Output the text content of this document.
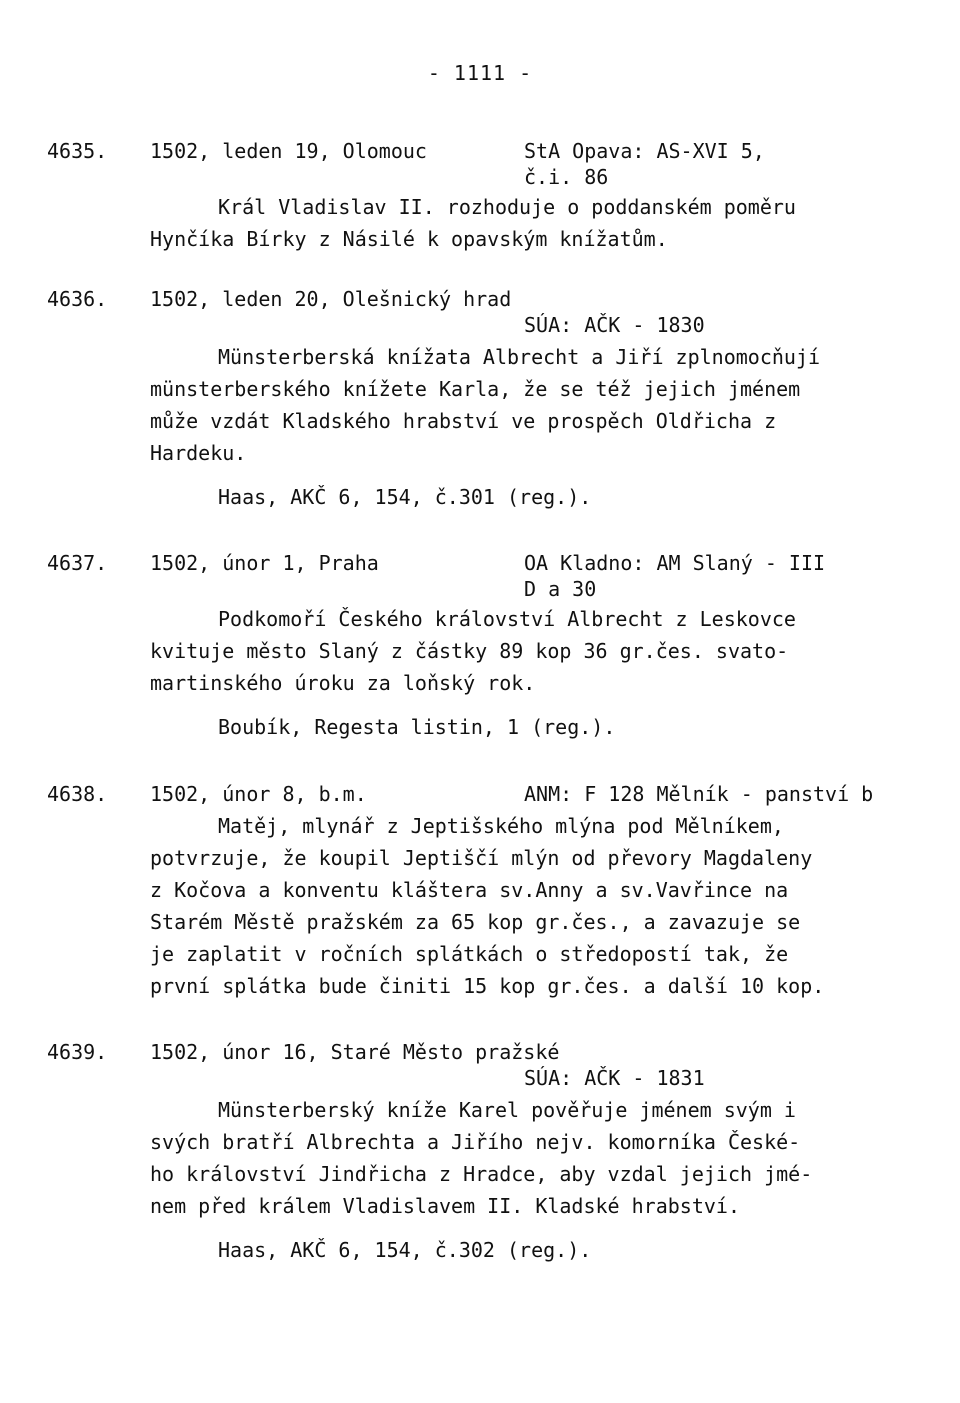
- 1111 -
4635. 1502, leden 19, Olomouc	StA Opava: AS-XVI 5,
č.i. 86
Král Vladislav II. rozhoduje o poddanském poměru
Hynčíka Bírky z Násilé k opavským knížatům.
4636. 1502, leden 20, Olešnický hrad
SÚA: AČK - 1830
Münsterberská knížata Albrecht a Jiří zplnomocňují
münsterberského knížete Karla, že se též jejich jménem
může vzdát Kladského hrabství ve prospěch Oldřicha z
Hardeku.
Haas, AKČ 6, 154, č.301 (reg.).
4637. 1502, únor 1, Praha	OA Kladno: AM Slaný - III
D a 30
Podkomoří Českého království Albrecht z Leskovce
kvituje město Slaný z částky 89 kop 36 gr.čes. svato-
martinského úroku za loňský rok.
Boubík, Regesta listin, 1 (reg.).
4638. 1502, únor 8, b.m.	ANM: F 128 Mělník - panství b
Matěj, mlynář z Jeptišského mlýna pod Mělníkem,
potvrzuje, že koupil Jeptiščí mlýn od převory Magdaleny
z Kočova a konventu kláštera sv.Anny a sv.Vavřince na
Starém Městě pražském za 65 kop gr.čes., a zavazuje se
je zaplatit v ročních splátkách o středopostí tak, že
první splátka bude činiti 15 kop gr.čes. a další 10 kop.
4639. 1502, únor 16, Staré Město pražské
SÚA: AČK - 1831
Münsterberský kníže Karel pověřuje jménem svým i
svých bratří Albrechta a Jiřího nejv. komorníka České-
ho království Jindřicha z Hradce, aby vzdal jejich jmé-
nem před králem Vladislavem II. Kladské hrabství.
Haas, AKČ 6, 154, č.302 (reg.).
